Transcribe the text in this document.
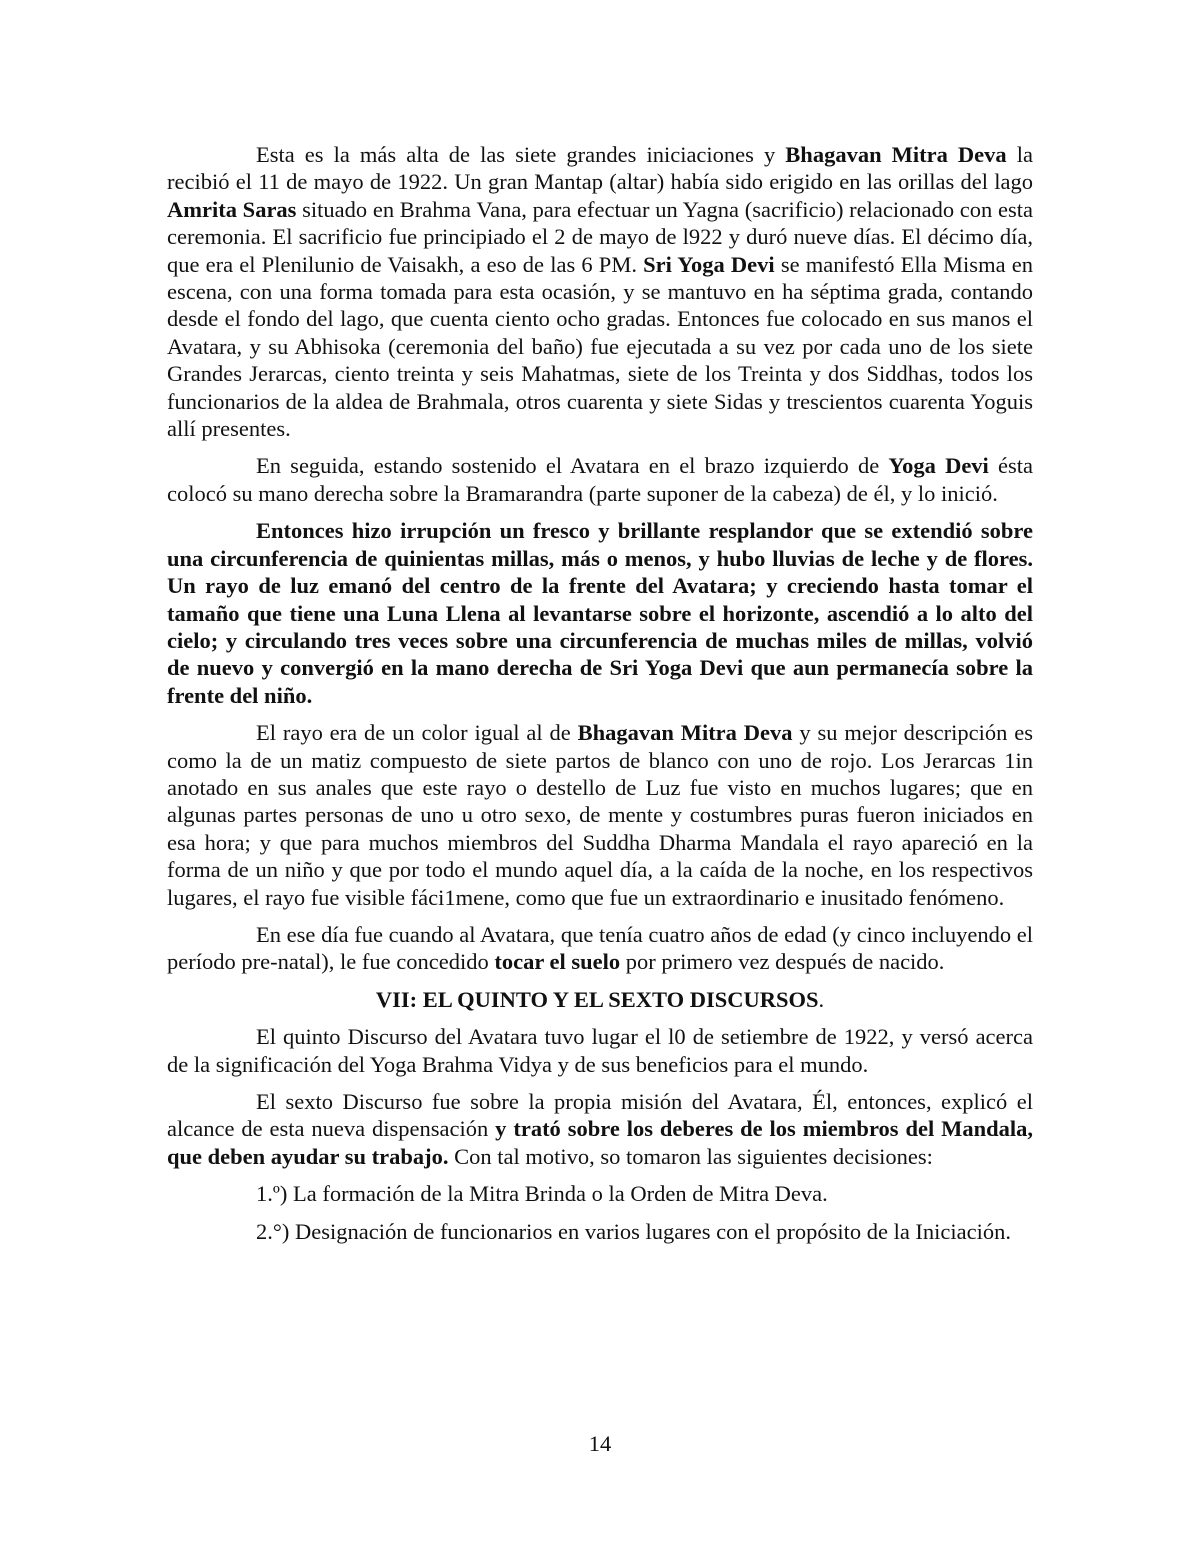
Esta es la más alta de las siete grandes iniciaciones y Bhagavan Mitra Deva la recibió el 11 de mayo de 1922. Un gran Mantap (altar) había sido erigido en las orillas del lago Amrita Saras situado en Brahma Vana, para efectuar un Yagna (sacrificio) relacionado con esta ceremonia. El sacrificio fue principiado el 2 de mayo de l922 y duró nueve días. El décimo día, que era el Plenilunio de Vaisakh, a eso de las 6 PM. Sri Yoga Devi se manifestó Ella Misma en escena, con una forma tomada para esta ocasión, y se mantuvo en ha séptima grada, contando desde el fondo del lago, que cuenta ciento ocho gradas. Entonces fue colocado en sus manos el Avatara, y su Abhisoka (ceremonia del baño) fue ejecutada a su vez por cada uno de los siete Grandes Jerarcas, ciento treinta y seis Mahatmas, siete de los Treinta y dos Siddhas, todos los funcionarios de la aldea de Brahmala, otros cuarenta y siete Sidas y trescientos cuarenta Yoguis allí presentes.

En seguida, estando sostenido el Avatara en el brazo izquierdo de Yoga Devi ésta colocó su mano derecha sobre la Bramarandra (parte suponer de la cabeza) de él, y lo inició.

Entonces hizo irrupción un fresco y brillante resplandor que se extendió sobre una circunferencia de quinientas millas, más o menos, y hubo lluvias de leche y de flores. Un rayo de luz emanó del centro de la frente del Avatara; y creciendo hasta tomar el tamaño que tiene una Luna Llena al levantarse sobre el horizonte, ascendió a lo alto del cielo; y circulando tres veces sobre una circunferencia de muchas miles de millas, volvió de nuevo y convergió en la mano derecha de Sri Yoga Devi que aun permanecía sobre la frente del niño.

El rayo era de un color igual al de Bhagavan Mitra Deva y su mejor descripción es como la de un matiz compuesto de siete partos de blanco con uno de rojo. Los Jerarcas 1in anotado en sus anales que este rayo o destello de Luz fue visto en muchos lugares; que en algunas partes personas de uno u otro sexo, de mente y costumbres puras fueron iniciados en esa hora; y que para muchos miembros del Suddha Dharma Mandala el rayo apareció en la forma de un niño y que por todo el mundo aquel día, a la caída de la noche, en los respectivos lugares, el rayo fue visible fáci1mene, como que fue un extraordinario e inusitado fenómeno.

En ese día fue cuando al Avatara, que tenía cuatro años de edad (y cinco incluyendo el período pre-natal), le fue concedido tocar el suelo por primero vez después de nacido.

VII: EL QUINTO Y EL SEXTO DISCURSOS.

El quinto Discurso del Avatara tuvo lugar el l0 de setiembre de 1922, y versó acerca de la significación del Yoga Brahma Vidya y de sus beneficios para el mundo.

El sexto Discurso fue sobre la propia misión del Avatara, Él, entonces, explicó el alcance de esta nueva dispensación y trató sobre los deberes de los miembros del Mandala, que deben ayudar su trabajo. Con tal motivo, so tomaron las siguientes decisiones:

1.º) La formación de la Mitra Brinda o la Orden de Mitra Deva.

2.°) Designación de funcionarios en varios lugares con el propósito de la Iniciación.

14
